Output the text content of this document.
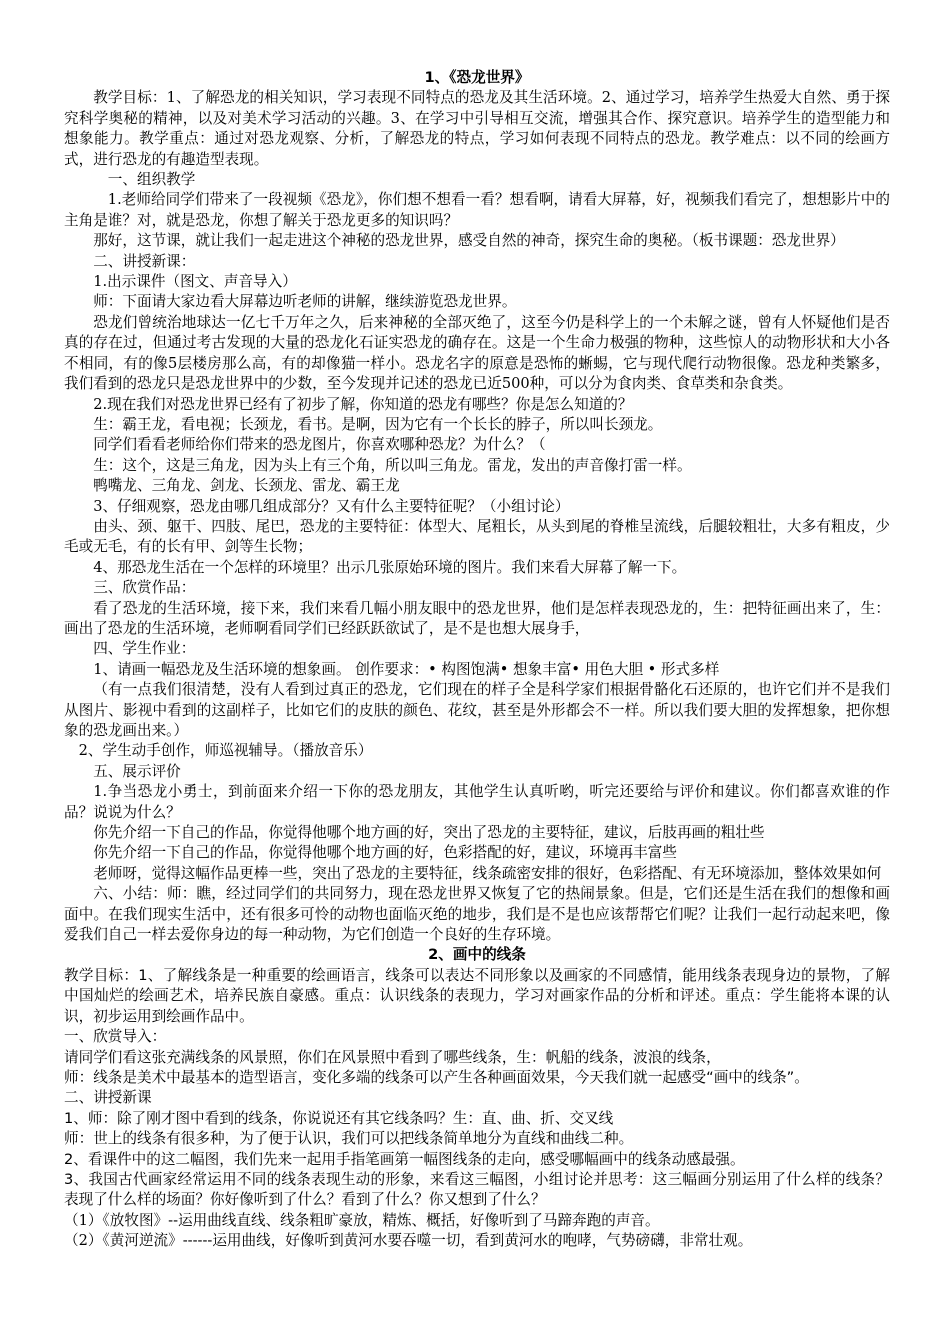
1、《恐龙世界》

教学目标：1、了解恐龙的相关知识，学习表现不同特点的恐龙及其生活环境。2、通过学习，培养学生热爱大自然、勇于探究科学奥秘的精神，以及对美术学习活动的兴趣。3、在学习中引导相互交流，增强其合作、探究意识。培养学生的造型能力和想象能力。教学重点：通过对恐龙观察、分析，了解恐龙的特点，学习如何表现不同特点的恐龙。教学难点：以不同的绘画方式，进行恐龙的有趣造型表现。

一、组织教学

1.老师给同学们带来了一段视频《恐龙》，你们想不想看一看？想看啊，请看大屏幕，好，视频我们看完了，想想影片中的主角是谁？对，就是恐龙，你想了解关于恐龙更多的知识吗？

那好，这节课，就让我们一起走进这个神秘的恐龙世界，感受自然的神奇，探究生命的奥秘。（板书课题：恐龙世界）

二、讲授新课：

1.出示课件（图文、声音导入）

师：下面请大家边看大屏幕边听老师的讲解，继续游览恐龙世界。

恐龙们曾统治地球达一亿七千万年之久，后来神秘的全部灭绝了，这至今仍是科学上的一个未解之谜，曾有人怀疑他们是否真的存在过，但通过考古发现的大量的恐龙化石证实恐龙的确存在。这是一个生命力极强的物种，这些惊人的动物形状和大小各不相同，有的像5层楼房那么高，有的却像猫一样小。恐龙名字的原意是恐怖的蜥蜴，它与现代爬行动物很像。恐龙种类繁多，我们看到的恐龙只是恐龙世界中的少数，至今发现并记述的恐龙已近500种，可以分为食肉类、食草类和杂食类。

2.现在我们对恐龙世界已经有了初步了解，你知道的恐龙有哪些？你是怎么知道的？

生：霸王龙，看电视；长颈龙，看书。是啊，因为它有一个长长的脖子，所以叫长颈龙。

同学们看看老师给你们带来的恐龙图片，你喜欢哪种恐龙？为什么？（

生：这个，这是三角龙，因为头上有三个角，所以叫三角龙。雷龙，发出的声音像打雷一样。

鸭嘴龙、三角龙、剑龙、长颈龙、雷龙、霸王龙

3、仔细观察，恐龙由哪几组成部分？又有什么主要特征呢？（小组讨论）

由头、颈、躯干、四肢、尾巴，恐龙的主要特征：体型大、尾粗长，从头到尾的脊椎呈流线，后腿较粗壮，大多有粗皮，少毛或无毛，有的长有甲、剑等生长物；

4、那恐龙生活在一个怎样的环境里？出示几张原始环境的图片。我们来看大屏幕了解一下。

三、欣赏作品：

看了恐龙的生活环境，接下来，我们来看几幅小朋友眼中的恐龙世界，他们是怎样表现恐龙的，生：把特征画出来了，生：画出了恐龙的生活环境，老师啊看同学们已经跃跃欲试了，是不是也想大展身手，

四、学生作业：

1、请画一幅恐龙及生活环境的想象画。 创作要求：• 构图饱满• 想象丰富• 用色大胆 • 形式多样

（有一点我们很清楚，没有人看到过真正的恐龙，它们现在的样子全是科学家们根据骨骼化石还原的，也许它们并不是我们从图片、影视中看到的这副样子，比如它们的皮肤的颜色、花纹，甚至是外形都会不一样。所以我们要大胆的发挥想象，把你想象的恐龙画出来。）

2、学生动手创作，师巡视辅导。（播放音乐）

五、展示评价

1.争当恐龙小勇士，到前面来介绍一下你的恐龙朋友，其他学生认真听哟，听完还要给与评价和建议。你们都喜欢谁的作品？说说为什么？

你先介绍一下自己的作品，你觉得他哪个地方画的好，突出了恐龙的主要特征，建议，后肢再画的粗壮些

你先介绍一下自己的作品，你觉得他哪个地方画的好，色彩搭配的好，建议，环境再丰富些

老师呀，觉得这幅作品更棒一些，突出了恐龙的主要特征，线条疏密安排的很好，色彩搭配、有无环境添加，整体效果如何

六、小结：师：瞧，经过同学们的共同努力，现在恐龙世界又恢复了它的热闹景象。但是，它们还是生活在我们的想像和画面中。在我们现实生活中，还有很多可怜的动物也面临灭绝的地步，我们是不是也应该帮帮它们呢？让我们一起行动起来吧，像爱我们自己一样去爱你身边的每一种动物，为它们创造一个良好的生存环境。

2、画中的线条

教学目标：1、了解线条是一种重要的绘画语言，线条可以表达不同形象以及画家的不同感情，能用线条表现身边的景物，了解中国灿烂的绘画艺术，培养民族自豪感。重点：认识线条的表现力，学习对画家作品的分析和评述。重点：学生能将本课的认识，初步运用到绘画作品中。

一、欣赏导入：

请同学们看这张充满线条的风景照，你们在风景照中看到了哪些线条，生：帆船的线条，波浪的线条，

师：线条是美术中最基本的造型语言，变化多端的线条可以产生各种画面效果，今天我们就一起感受“画中的线条”。

二、讲授新课

1、师：除了刚才图中看到的线条，你说说还有其它线条吗？生：直、曲、折、交叉线

师：世上的线条有很多种，为了便于认识，我们可以把线条简单地分为直线和曲线二种。

2、看课件中的这二幅图，我们先来一起用手指笔画第一幅图线条的走向，感受哪幅画中的线条动感最强。

3、我国古代画家经常运用不同的线条表现生动的形象，来看这三幅图，小组讨论并思考：这三幅画分别运用了什么样的线条？表现了什么样的场面？你好像听到了什么？看到了什么？你又想到了什么？

（1）《放牧图》--运用曲线直线、线条粗旷豪放，精炼、概括，好像听到了马蹄奔跑的声音。

（2）《黄河逆流》------运用曲线，好像听到黄河水要吞噬一切，看到黄河水的咆哮，气势磅礴，非常壮观。
